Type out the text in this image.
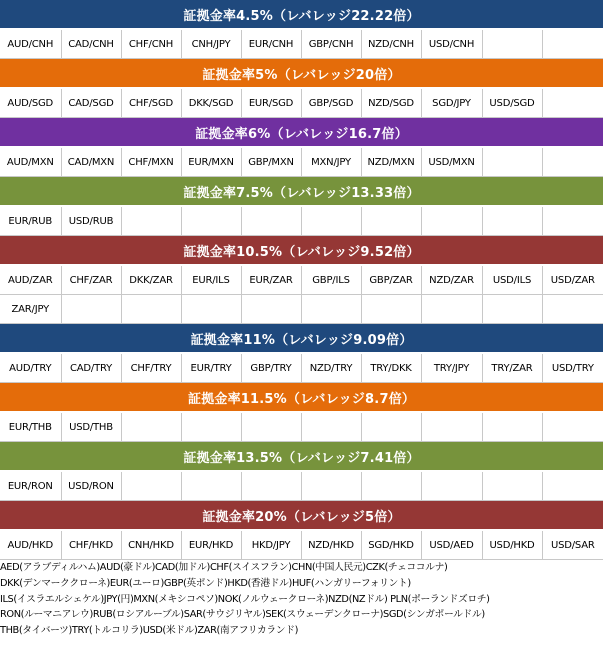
証拠金率4.5%（レバレッジ22.22倍）									
AUD/CNH	CAD/CNH	CHF/CNH	CNH/JPY	EUR/CNH	GBP/CNH	NZD/CNH	USD/CNH		
証拠金率5%（レバレッジ20倍）									
AUD/SGD	CAD/SGD	CHF/SGD	DKK/SGD	EUR/SGD	GBP/SGD	NZD/SGD	SGD/JPY	USD/SGD	
証拠金率6%（レバレッジ16.7倍）									
AUD/MXN	CAD/MXN	CHF/MXN	EUR/MXN	GBP/MXN	MXN/JPY	NZD/MXN	USD/MXN		
証拠金率7.5%（レバレッジ13.33倍）									
EUR/RUB	USD/RUB								
証拠金率10.5%（レバレッジ9.52倍）									
AUD/ZAR	CHF/ZAR	DKK/ZAR	EUR/ILS	EUR/ZAR	GBP/ILS	GBP/ZAR	NZD/ZAR	USD/ILS	USD/ZAR
ZAR/JPY									
証拠金率11%（レバレッジ9.09倍）									
AUD/TRY	CAD/TRY	CHF/TRY	EUR/TRY	GBP/TRY	NZD/TRY	TRY/DKK	TRY/JPY	TRY/ZAR	USD/TRY
証拠金率11.5%（レバレッジ8.7倍）									
EUR/THB	USD/THB								
証拠金率13.5%（レバレッジ7.41倍）									
EUR/RON	USD/RON								
証拠金率20%（レバレッジ5倍）									
AUD/HKD	CHF/HKD	CNH/HKD	EUR/HKD	HKD/JPY	NZD/HKD	SGD/HKD	USD/AED	USD/HKD	USD/SAR

AED(アラブディルハム)AUD(豪ドル)CAD(加ドル)CHF(スイスフラン)CHN(中国人民元)CZK(チェココルナ)
DKK(デンマーククローネ)EUR(ユーロ)GBP(英ポンド)HKD(香港ドル)HUF(ハンガリーフォリント)
ILS(イスラエルシェケル)JPY(円)MXN(メキシコペソ)NOK(ノルウェークローネ)NZD(NZドル) PLN(ポーランドズロチ)
RON(ルーマニアレウ)RUB(ロシアルーブル)SAR(サウジリヤル)SEK(スウェーデンクローナ)SGD(シンガポールドル)
THB(タイバーツ)TRY(トルコリラ)USD(米ドル)ZAR(南アフリカランド)									
